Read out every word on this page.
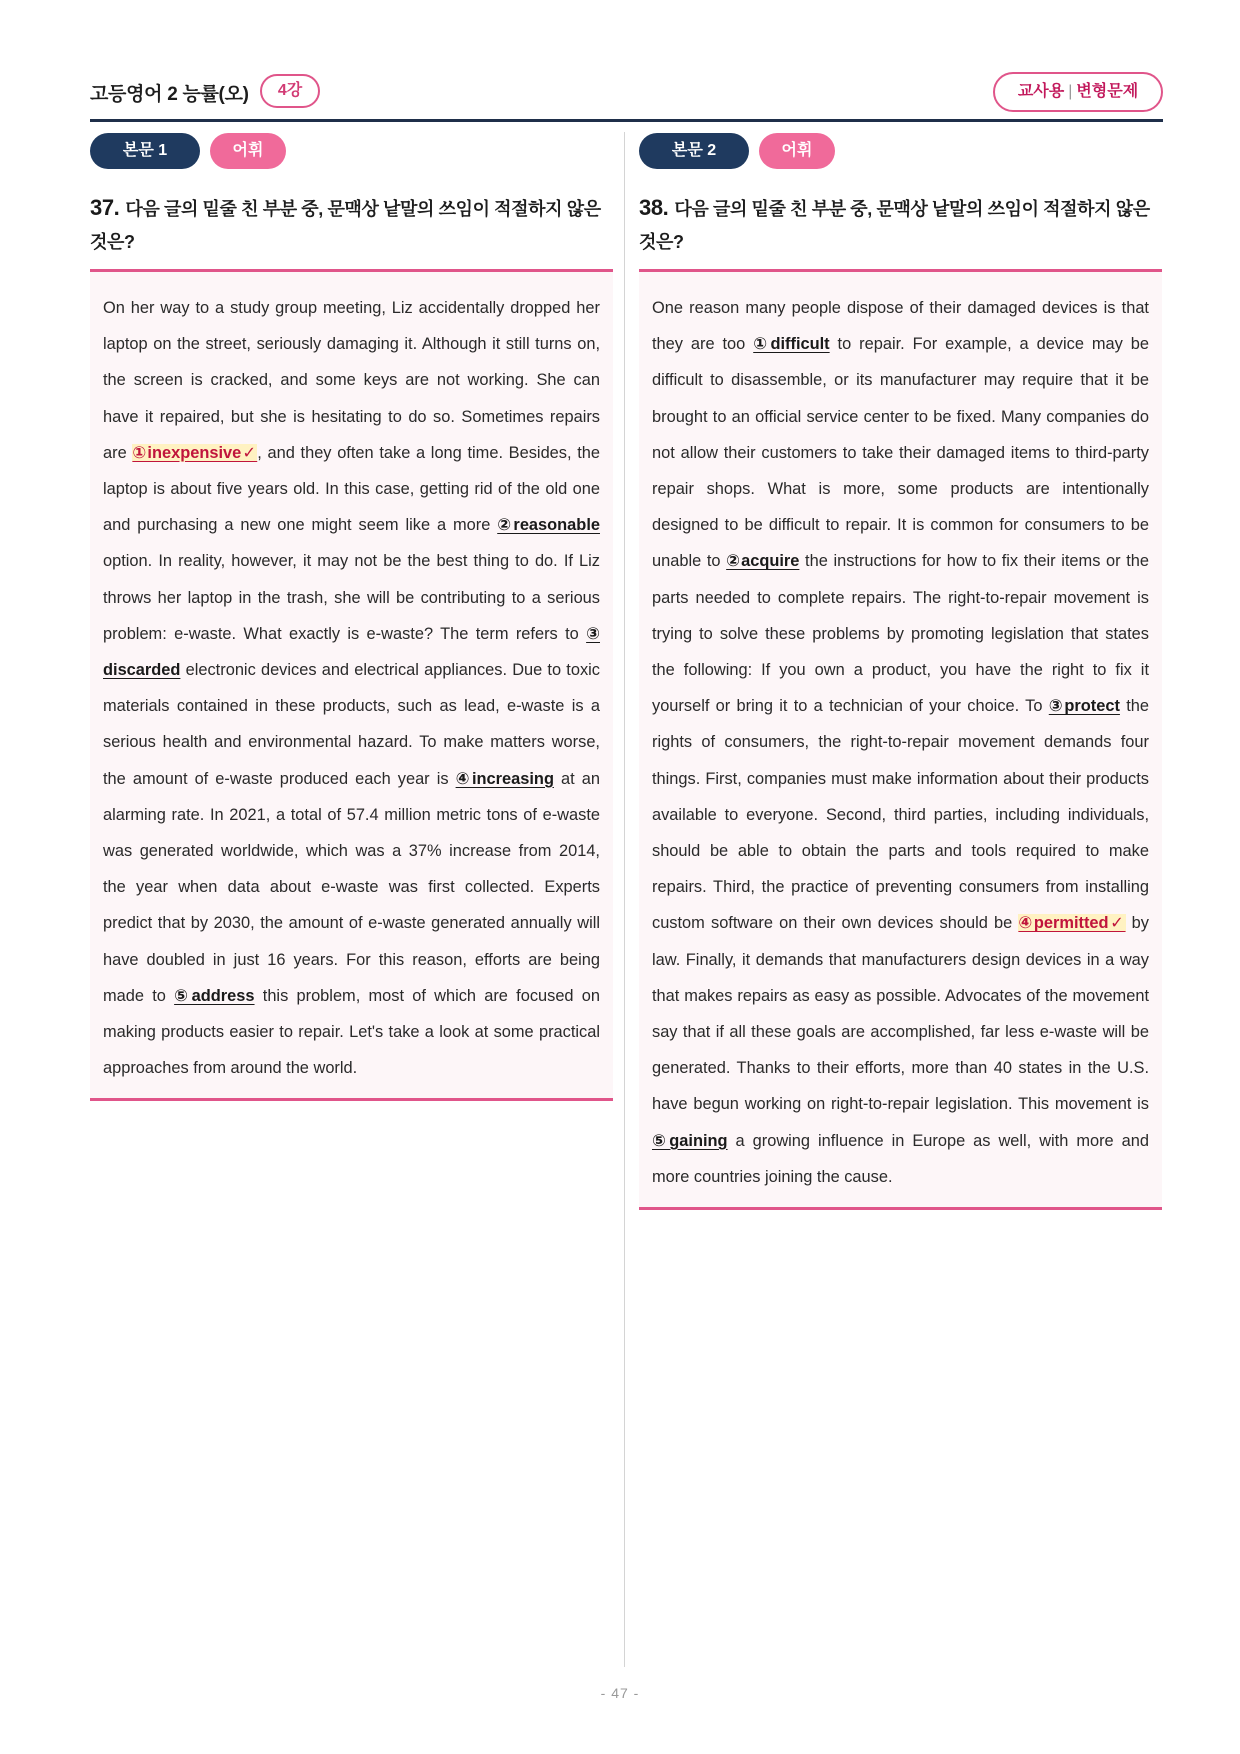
고등영어 2 능률(오)	4강	교사용 | 변형문제
본문 1	어휘
37. 다음 글의 밑줄 친 부분 중, 문맥상 낱말의 쓰임이 적절하지 않은 것은?
On her way to a study group meeting, Liz accidentally dropped her laptop on the street, seriously damaging it. Although it still turns on, the screen is cracked, and some keys are not working. She can have it repaired, but she is hesitating to do so. Sometimes repairs are ①inexpensive✓, and they often take a long time. Besides, the laptop is about five years old. In this case, getting rid of the old one and purchasing a new one might seem like a more ②reasonable option. In reality, however, it may not be the best thing to do. If Liz throws her laptop in the trash, she will be contributing to a serious problem: e-waste. What exactly is e-waste? The term refers to ③ discarded electronic devices and electrical appliances. Due to toxic materials contained in these products, such as lead, e-waste is a serious health and environmental hazard. To make matters worse, the amount of e-waste produced each year is ④increasing at an alarming rate. In 2021, a total of 57.4 million metric tons of e-waste was generated worldwide, which was a 37% increase from 2014, the year when data about e-waste was first collected. Experts predict that by 2030, the amount of e-waste generated annually will have doubled in just 16 years. For this reason, efforts are being made to ⑤address this problem, most of which are focused on making products easier to repair. Let's take a look at some practical approaches from around the world.
본문 2	어휘
38. 다음 글의 밑줄 친 부분 중, 문맥상 낱말의 쓰임이 적절하지 않은 것은?
One reason many people dispose of their damaged devices is that they are too ①difficult to repair. For example, a device may be difficult to disassemble, or its manufacturer may require that it be brought to an official service center to be fixed. Many companies do not allow their customers to take their damaged items to third-party repair shops. What is more, some products are intentionally designed to be difficult to repair. It is common for consumers to be unable to ②acquire the instructions for how to fix their items or the parts needed to complete repairs. The right-to-repair movement is trying to solve these problems by promoting legislation that states the following: If you own a product, you have the right to fix it yourself or bring it to a technician of your choice. To ③protect the rights of consumers, the right-to-repair movement demands four things. First, companies must make information about their products available to everyone. Second, third parties, including individuals, should be able to obtain the parts and tools required to make repairs. Third, the practice of preventing consumers from installing custom software on their own devices should be ④permitted✓ by law. Finally, it demands that manufacturers design devices in a way that makes repairs as easy as possible. Advocates of the movement say that if all these goals are accomplished, far less e-waste will be generated. Thanks to their efforts, more than 40 states in the U.S. have begun working on right-to-repair legislation. This movement is ⑤gaining a growing influence in Europe as well, with more and more countries joining the cause.
- 47 -
